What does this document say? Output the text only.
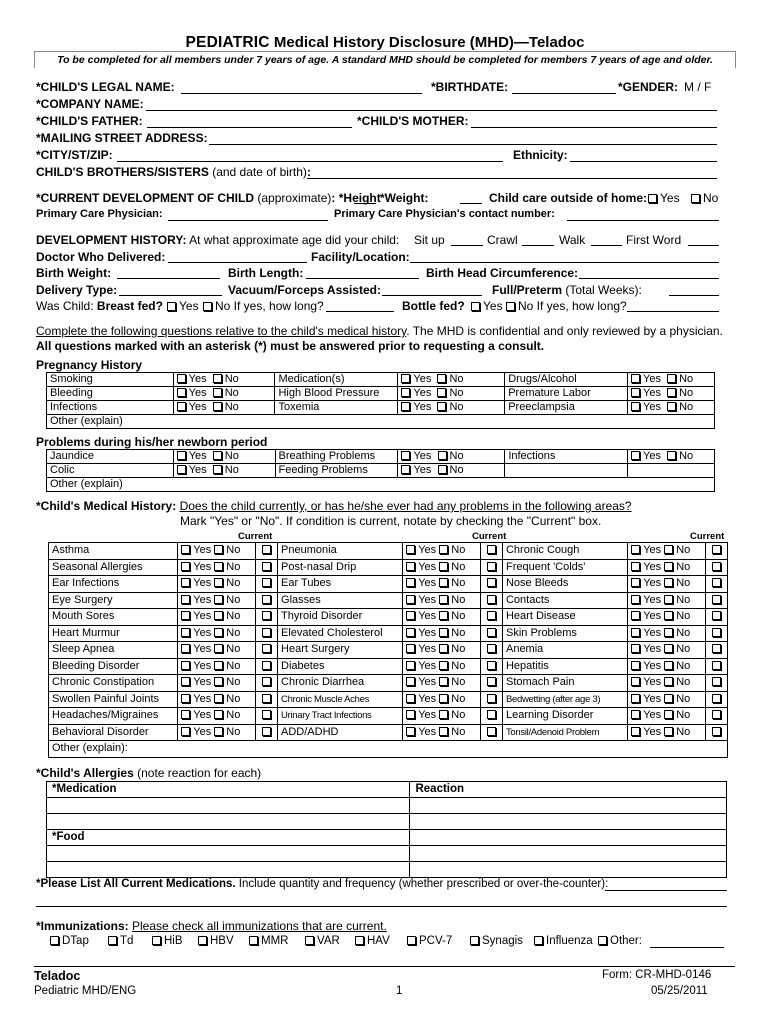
PEDIATRIC Medical History Disclosure (MHD)—Teladoc
To be completed for all members under 7 years of age. A standard MHD should be completed for members 7 years of age and older.
*CHILD'S LEGAL NAME:	*BIRTHDATE:	*GENDER: M / F
*COMPANY NAME:
*CHILD'S FATHER:	*CHILD'S MOTHER:
*MAILING STREET ADDRESS:
*CITY/ST/ZIP:	Ethnicity:
CHILD'S BROTHERS/SISTERS (and date of birth):
*CURRENT DEVELOPMENT OF CHILD (approximate): *Height *Weight:	Child care outside of home:	Yes	No
Primary Care Physician:	Primary Care Physician's contact number:
DEVELOPMENT HISTORY: At what approximate age did your child: Sit up	Crawl	Walk	First Word
Doctor Who Delivered:	Facility/Location:
Birth Weight:	Birth Length:	Birth Head Circumference:
Delivery Type:	Vacuum/Forceps Assisted:	Full/Preterm (Total Weeks):
Was Child: Breast fed?	Yes	No If yes, how long?	Bottle fed?	Yes	No If yes, how long?
Complete the following questions relative to the child's medical history. The MHD is confidential and only reviewed by a physician.
All questions marked with an asterisk (*) must be answered prior to requesting a consult.
Pregnancy History
Smoking	Yes  No	Medication(s)	Yes  No	Drugs/Alcohol	Yes  No
Bleeding	Yes  No	High Blood Pressure	Yes  No	Premature Labor	Yes  No
Infections	Yes  No	Toxemia	Yes  No	Preeclampsia	Yes  No
Other (explain)					
Problems during his/her newborn period
Jaundice	Yes  No	Breathing Problems	Yes  No	Infections	Yes  No
Colic	Yes  No	Feeding Problems	Yes  No		
Other (explain)					
*Child's Medical History: Does the child currently, or has he/she ever had any problems in the following areas?
Mark "Yes" or "No". If condition is current, notate by checking the "Current" box.
Current	Current	Current
Asthma	Yes No		Pneumonia	Yes No		Chronic Cough	Yes No	
Seasonal Allergies	Yes No		Post-nasal Drip	Yes No		Frequent 'Colds'	Yes No	
Ear Infections	Yes No		Ear Tubes	Yes No		Nose Bleeds	Yes No	
Eye Surgery	Yes No		Glasses	Yes No		Contacts	Yes No	
Mouth Sores	Yes No		Thyroid Disorder	Yes No		Heart Disease	Yes No	
Heart Murmur	Yes No		Elevated Cholesterol	Yes No		Skin Problems	Yes No	
Sleep Apnea	Yes No		Heart Surgery	Yes No		Anemia	Yes No	
Bleeding Disorder	Yes No		Diabetes	Yes No		Hepatitis	Yes No	
Chronic Constipation	Yes No		Chronic Diarrhea	Yes No		Stomach Pain	Yes No	
Swollen Painful Joints	Yes No		Chronic Muscle Aches	Yes No		Bedwetting (after age 3)	Yes No	
Headaches/Migraines	Yes No		Urinary Tract Infections	Yes No		Learning Disorder	Yes No	
Behavioral Disorder	Yes No		ADD/ADHD	Yes No		Tonsil/Adenoid Problem	Yes No	
Other (explain):								
*Child's Allergies (note reaction for each)
*Medication	Reaction

*Food	

*Please List All Current Medications. Include quantity and frequency (whether prescribed or over-the-counter):
*Immunizations: Please check all immunizations that are current.
DTap	Td	HiB	HBV	MMR	VAR	HAV	PCV-7	Synagis	Influenza	Other:
Teladoc
Pediatric MHD/ENG	1
Form: CR-MHD-0146
05/25/2011
